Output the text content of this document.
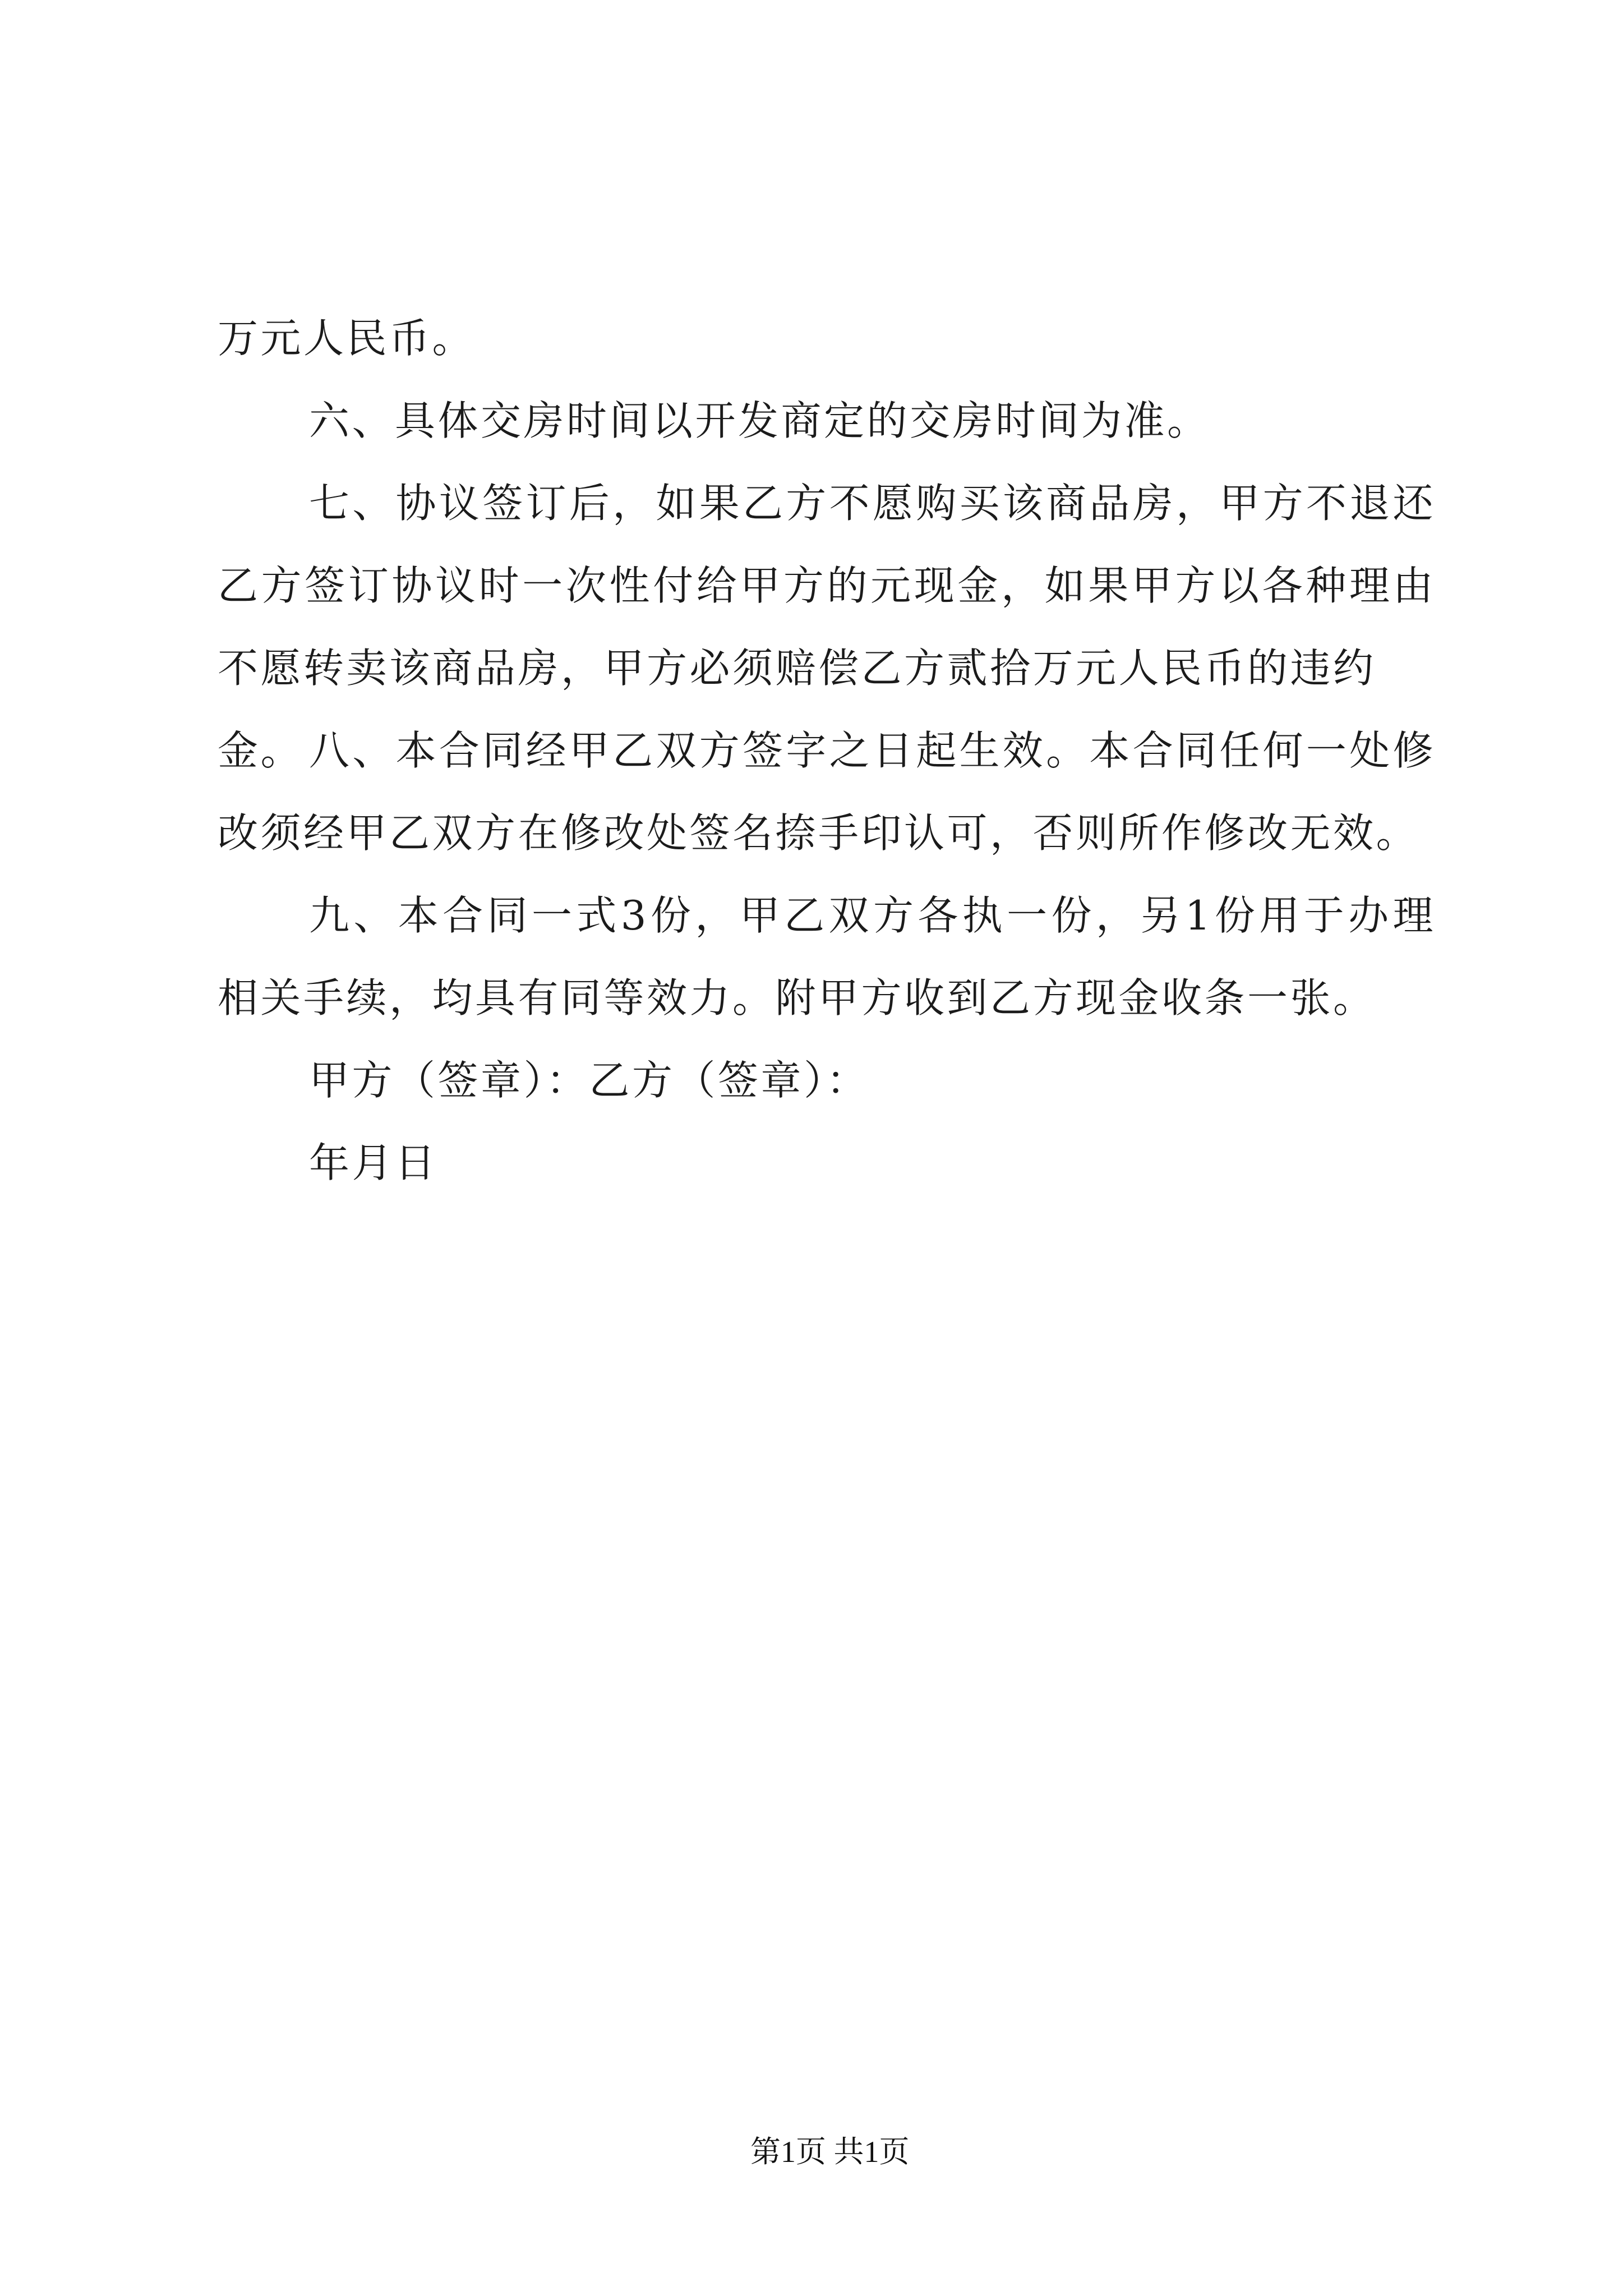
万元人民币。
六、具体交房时间以开发商定的交房时间为准。
七、协议签订后，如果乙方不愿购买该商品房，甲方不退还
乙方签订协议时一次性付给甲方的元现金，如果甲方以各种理由
不愿转卖该商品房，甲方必须赔偿乙方贰拾万元人民币的违约金。 八、本合同经甲乙双方签字之日起生效。本合同任何一处修
改须经甲乙双方在修改处签名捺手印认可，否则所作修改无效。
九、本合同一式3份，甲乙双方各执一份，另1份用于办理
相关手续，均具有同等效力。附甲方收到乙方现金收条一张。
甲方（签章）：乙方（签章）：
年月日
第1页 共1页
